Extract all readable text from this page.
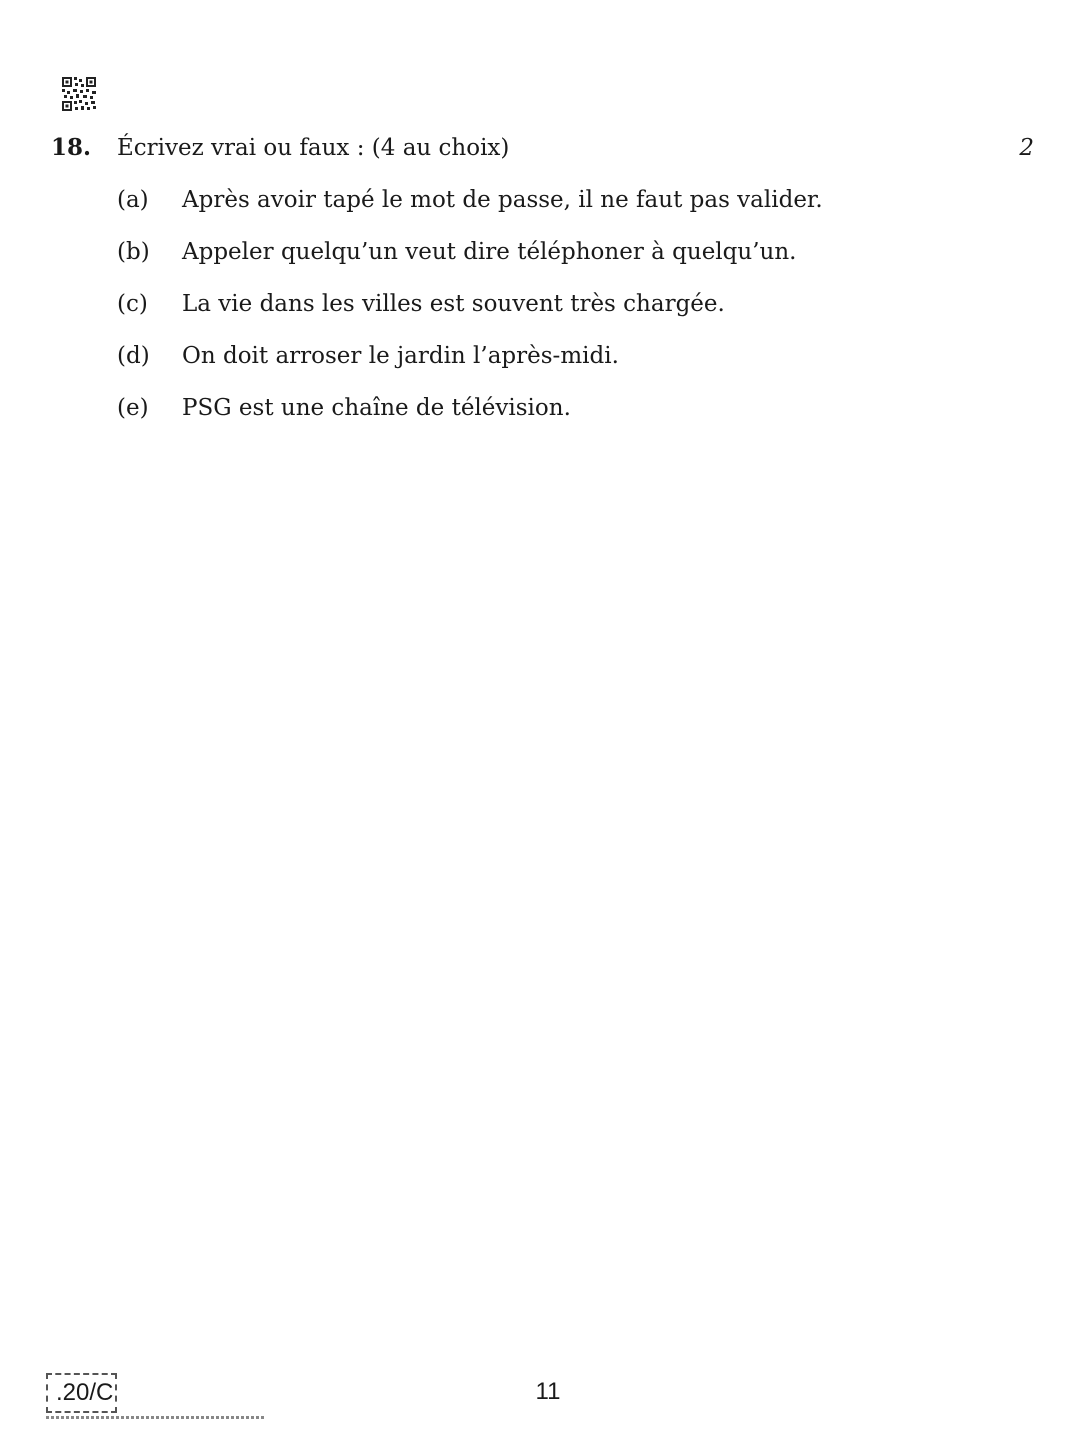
18. Écrivez vrai ou faux : (4 au choix)	2
(a) Après avoir tapé le mot de passe, il ne faut pas valider.
(b) Appeler quelqu’un veut dire téléphoner à quelqu’un.
(c) La vie dans les villes est souvent très chargée.
(d) On doit arroser le jardin l’après-midi.
(e) PSG est une chaîne de télévision.
.20/C	11
